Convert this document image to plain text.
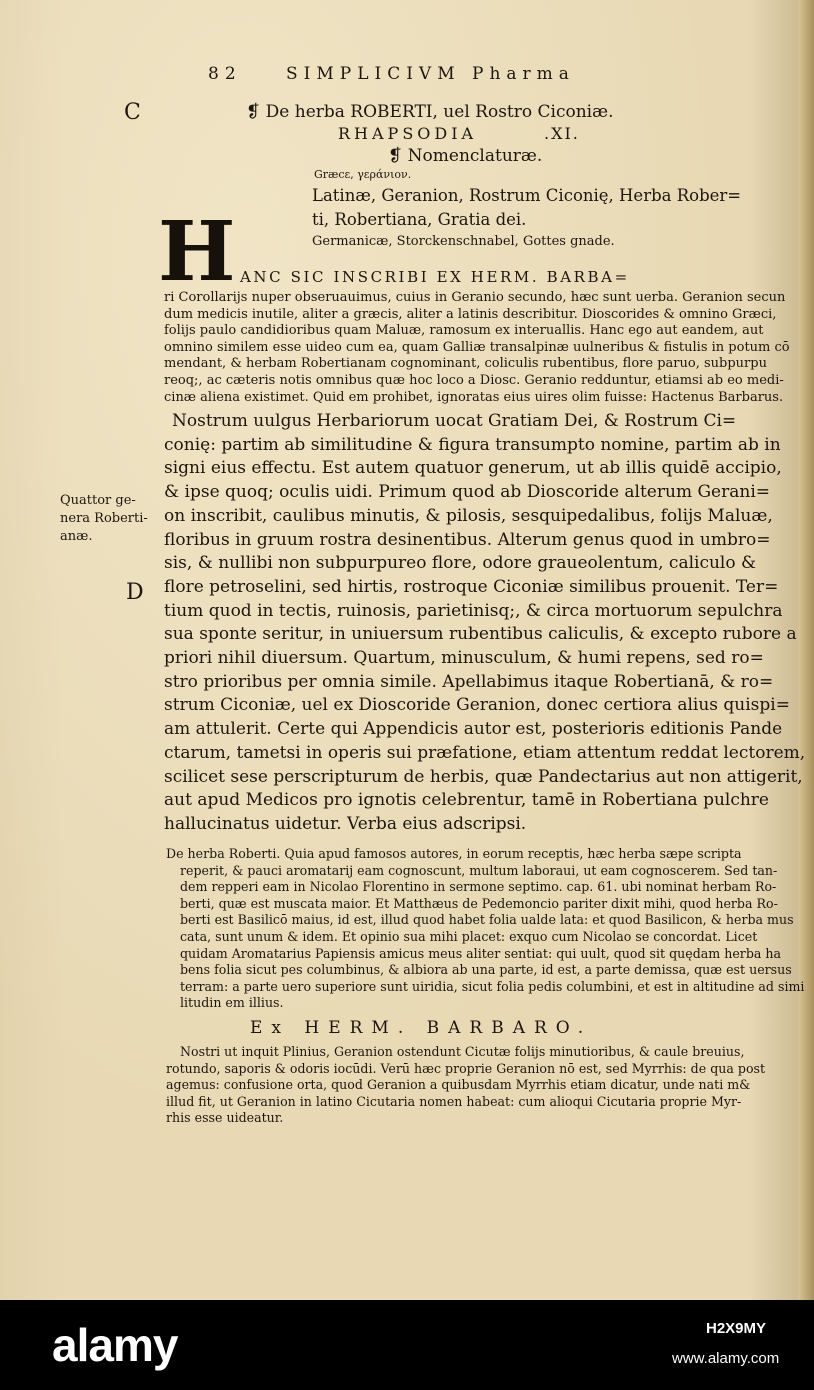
82	SIMPLICIVM Pharma
C
D
❡ De herba ROBERTI, uel Rostro Ciconiæ.
RHAPSODIA	.XI.
❡ Nomenclaturæ.
Græcε, γεράνιον.
Latinæ, Geranion, Rostrum Ciconię, Herba Rober=
ti, Robertiana, Gratia dei.
Germanicæ, Storckenschnabel, Gottes gnade.
H ANC SIC INSCRIBI EX HERM. BARBA=
ri Corollarijs nuper obseruauimus, cuius in Geranio secundo, hæc sunt uerba. Geranion secun
dum medicis inutile, aliter a græcis, aliter a latinis describitur. Dioscorides & omnino Græci,
folijs paulo candidioribus quam Maluæ, ramosum ex interuallis. Hanc ego aut eandem, aut
omnino similem esse uideo cum ea, quam Galliæ transalpinæ uulneribus & fistulis in potum cō
mendant, & herbam Robertianam cognominant, coliculis rubentibus, flore paruo, subpurpu
reoq;, ac cæteris notis omnibus quæ hoc loco a Diosc. Geranio redduntur, etiamsi ab eo medi-
cinæ aliena existimet. Quid em prohibet, ignoratas eius uires olim fuisse: Hactenus Barbarus.
Nostrum uulgus Herbariorum uocat Gratiam Dei, & Rostrum Ci=
conię: partim ab similitudine & figura transumpto nomine, partim ab in
signi eius effectu. Est autem quatuor generum, ut ab illis quidē accipio,
& ipse quoq; oculis uidi. Primum quod ab Dioscoride alterum Gerani=
on inscribit, caulibus minutis, & pilosis, sesquipedalibus, folijs Maluæ,
floribus in gruum rostra desinentibus. Alterum genus quod in umbro=
sis, & nullibi non subpurpureo flore, odore graueolentum, caliculo &
flore petroselini, sed hirtis, rostroque Ciconiæ similibus prouenit. Ter=
tium quod in tectis, ruinosis, parietinisq;, & circa mortuorum sepulchra
sua sponte seritur, in uniuersum rubentibus caliculis, & excepto rubore a
priori nihil diuersum. Quartum, minusculum, & humi repens, sed ro=
stro prioribus per omnia simile. Apellabimus itaque Robertianā, & ro=
strum Ciconiæ, uel ex Dioscoride Geranion, donec certiora alius quispi=
am attulerit. Certe qui Appendicis autor est, posterioris editionis Pande
ctarum, tametsi in operis sui præfatione, etiam attentum reddat lectorem,
scilicet sese perscripturum de herbis, quæ Pandectarius aut non attigerit,
aut apud Medicos pro ignotis celebrentur, tamē in Robertiana pulchre
hallucinatus uidetur. Verba eius adscripsi.
Quattor ge-
nera Roberti-
anæ.
De herba Roberti. Quia apud famosos autores, in eorum receptis, hæc herba sæpe scripta
reperit, & pauci aromatarij eam cognoscunt, multum laboraui, ut eam cognoscerem. Sed tan-
dem repperi eam in Nicolao Florentino in sermone septimo. cap. 61. ubi nominat herbam Ro-
berti, quæ est muscata maior. Et Matthæus de Pedemoncio pariter dixit mihi, quod herba Ro-
berti est Basilicō maius, id est, illud quod habet folia ualde lata: et quod Basilicon, & herba mus
cata, sunt unum & idem. Et opinio sua mihi placet: exquo cum Nicolao se concordat. Licet
quidam Aromatarius Papiensis amicus meus aliter sentiat: qui uult, quod sit quędam herba ha
bens folia sicut pes columbinus, & albiora ab una parte, id est, a parte demissa, quæ est uersus
terram: a parte uero superiore sunt uiridia, sicut folia pedis columbini, et est in altitudine ad simi
litudin em illius.
Ex HERM. BARBARO.
Nostri ut inquit Plinius, Geranion ostendunt Cicutæ folijs minutioribus, & caule breuius,
rotundo, saporis & odoris iocūdi. Verū hæc proprie Geranion nō est, sed Myrrhis: de qua post
agemus: confusione orta, quod Geranion a quibusdam Myrrhis etiam dicatur, unde nati m&
illud fit, ut Geranion in latino Cicutaria nomen habeat: cum alioqui Cicutaria proprie Myr-
rhis esse uideatur.
alamy	H2X9MY
www.alamy.com
